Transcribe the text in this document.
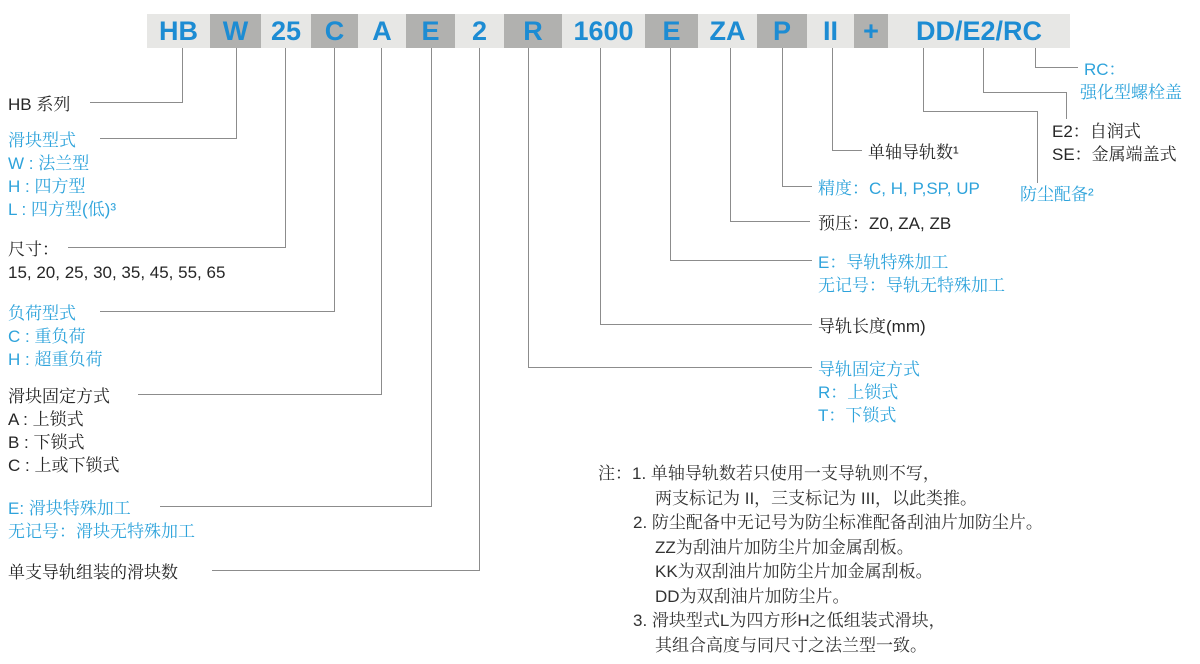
HB W 25 C	A	E	2	R	1600	E	ZA	P	II +	DD/E2/RC
HB 系列
滑块型式
W : 法兰型
H : 四方型
L : 四方型(低)³
尺寸：
15, 20, 25, 30, 35, 45, 55, 65
负荷型式
C : 重负荷
H : 超重负荷
滑块固定方式
A : 上锁式
B : 下锁式
C : 上或下锁式
E: 滑块特殊加工
无记号：滑块无特殊加工
单支导轨组装的滑块数
单轴导轨数¹
精度：C, H, P,SP, UP
预压：Z0, ZA, ZB
E：导轨特殊加工
无记号：导轨无特殊加工
导轨长度(mm)
导轨固定方式
R：上锁式
T：下锁式
防尘配备²
E2：自润式
SE：金属端盖式
RC：
强化型螺栓盖
注：1. 单轴导轨数若只使用一支导轨则不写，
两支标记为 II，三支标记为 III，以此类推。
2. 防尘配备中无记号为防尘标准配备刮油片加防尘片。
ZZ为刮油片加防尘片加金属刮板。
KK为双刮油片加防尘片加金属刮板。
DD为双刮油片加防尘片。
3. 滑块型式L为四方形H之低组装式滑块，
其组合高度与同尺寸之法兰型一致。
